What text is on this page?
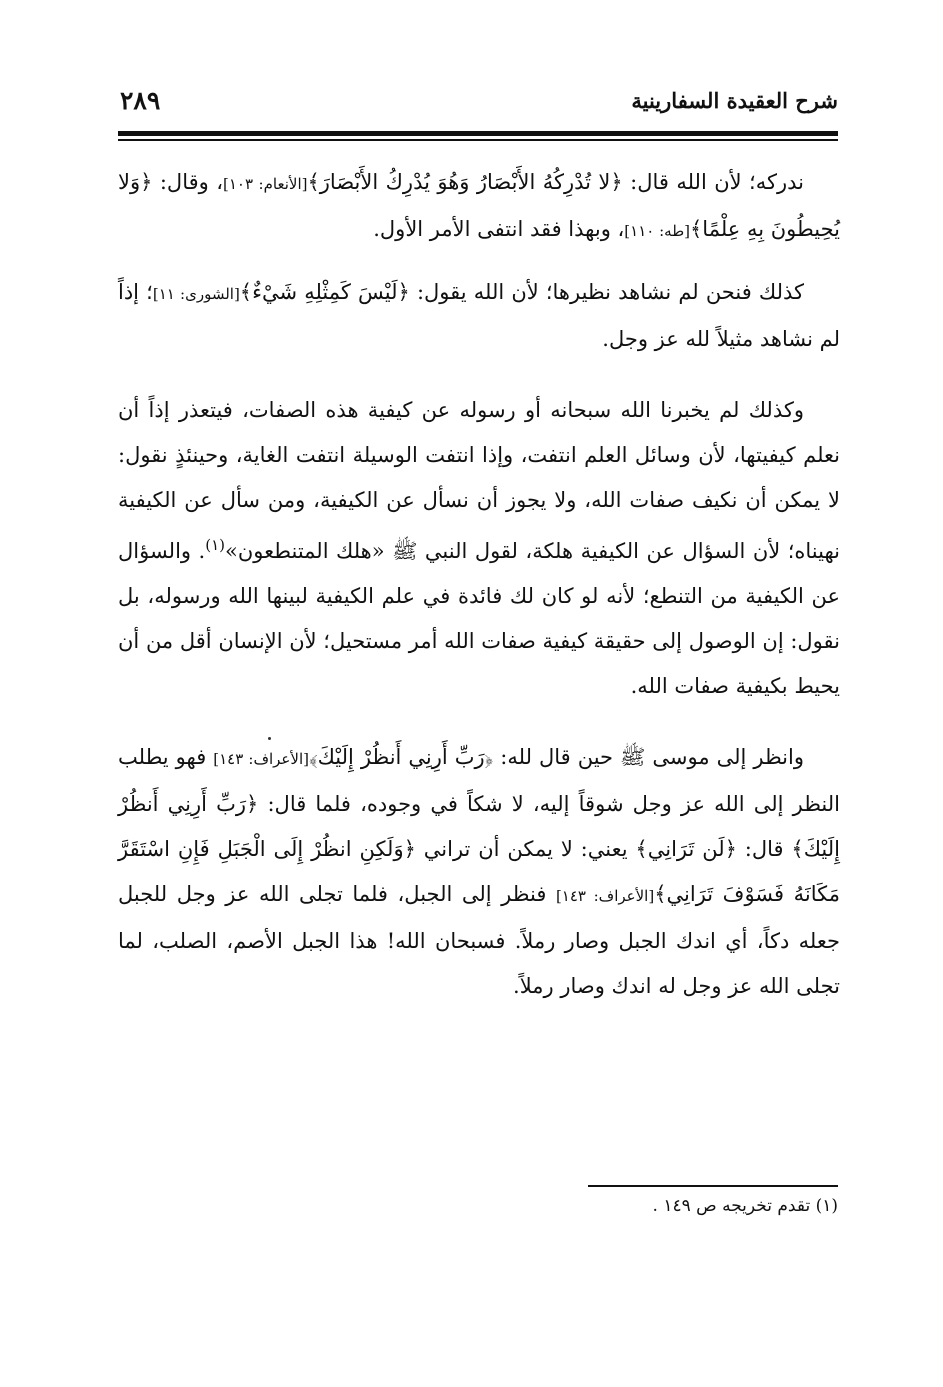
شرح العقيدة السفارينية
٢٨٩

ندركه؛ لأن الله قال: ﴿لا تُدْرِكُهُ الأَبْصَارُ وَهُوَ يُدْرِكُ الأَبْصَارَ﴾[الأنعام: ١٠٣]، وقال: ﴿وَلا يُحِيطُونَ بِهِ عِلْمًا﴾[طه: ١١٠]، وبهذا فقد انتفى الأمر الأول.

كذلك فنحن لم نشاهد نظيرها؛ لأن الله يقول: ﴿لَيْسَ كَمِثْلِهِ شَيْءٌ﴾[الشورى: ١١]؛ إذاً لم نشاهد مثيلاً لله عز وجل.

وكذلك لم يخبرنا الله سبحانه أو رسوله عن كيفية هذه الصفات، فيتعذر إذاً أن نعلم كيفيتها، لأن وسائل العلم انتفت، وإذا انتفت الوسيلة انتفت الغاية، وحينئذٍ نقول: لا يمكن أن نكيف صفات الله، ولا يجوز أن نسأل عن الكيفية، ومن سأل عن الكيفية نهيناه؛ لأن السؤال عن الكيفية هلكة، لقول النبي ﷺ «هلك المتنطعون»$^{(١)}$. والسؤال عن الكيفية من التنطع؛ لأنه لو كان لك فائدة في علم الكيفية لبينها الله ورسوله، بل نقول: إن الوصول إلى حقيقة كيفية صفات الله أمر مستحيل؛ لأن الإنسان أقل من أن يحيط بكيفية صفات الله.

وانظر إلى موسى ﷺ حين قال لله: ﴿رَبِّ أَرِنِي أَنظُرْ إِلَيْكَ﴾[الأعراف: ١٤٣] فهو يطلب النظر إلى الله عز وجل شوقاً إليه، لا شكاً في وجوده، فلما قال: ﴿رَبِّ أَرِنِي أَنظُرْ إِلَيْكَ﴾ قال: ﴿لَن تَرَانِي﴾ يعني: لا يمكن أن تراني ﴿وَلَكِنِ انظُرْ إِلَى الْجَبَلِ فَإِنِ اسْتَقَرَّ مَكَانَهُ فَسَوْفَ تَرَانِي﴾[الأعراف: ١٤٣] فنظر إلى الجبل، فلما تجلى الله عز وجل للجبل جعله دكاً، أي اندك الجبل وصار رملاً. فسبحان الله! هذا الجبل الأصم، الصلب، لما تجلى الله عز وجل له اندك وصار رملاً.

(١) تقدم تخريجه ص ١٤٩ .
